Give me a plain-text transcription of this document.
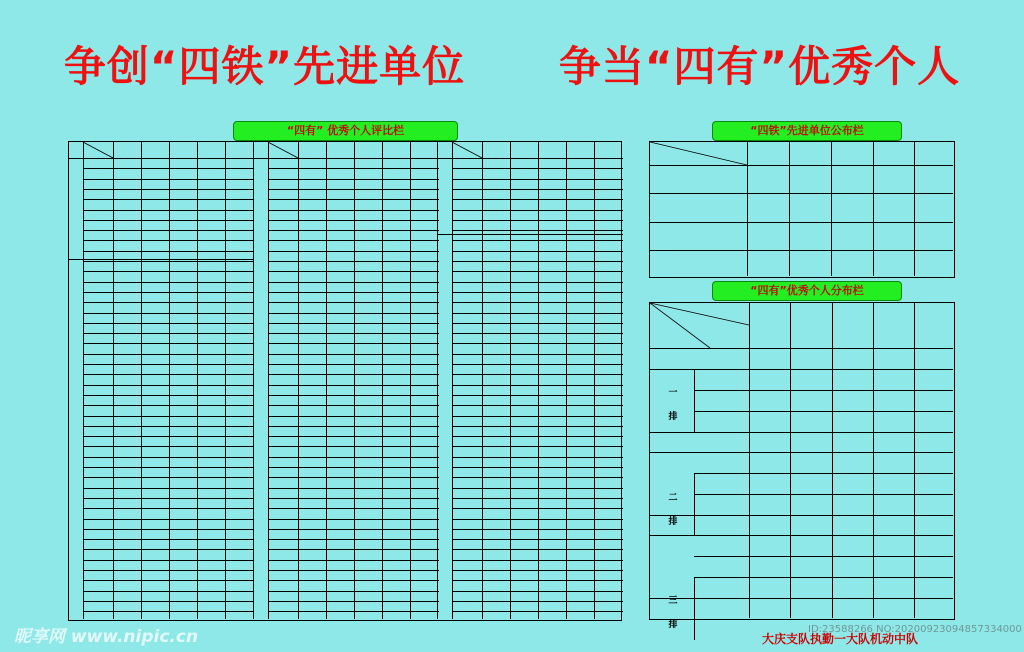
争创“四铁”先进单位      争当“四有”优秀个人
“四有” 优秀个人评比栏	“四铁”先进单位公布栏
“四有”优秀个人分布栏
一
排
二
排
三
排
大庆支队执勤一大队机动中队
昵享网 www.nipic.cn	ID:23588266 NO:20200923094857334000
